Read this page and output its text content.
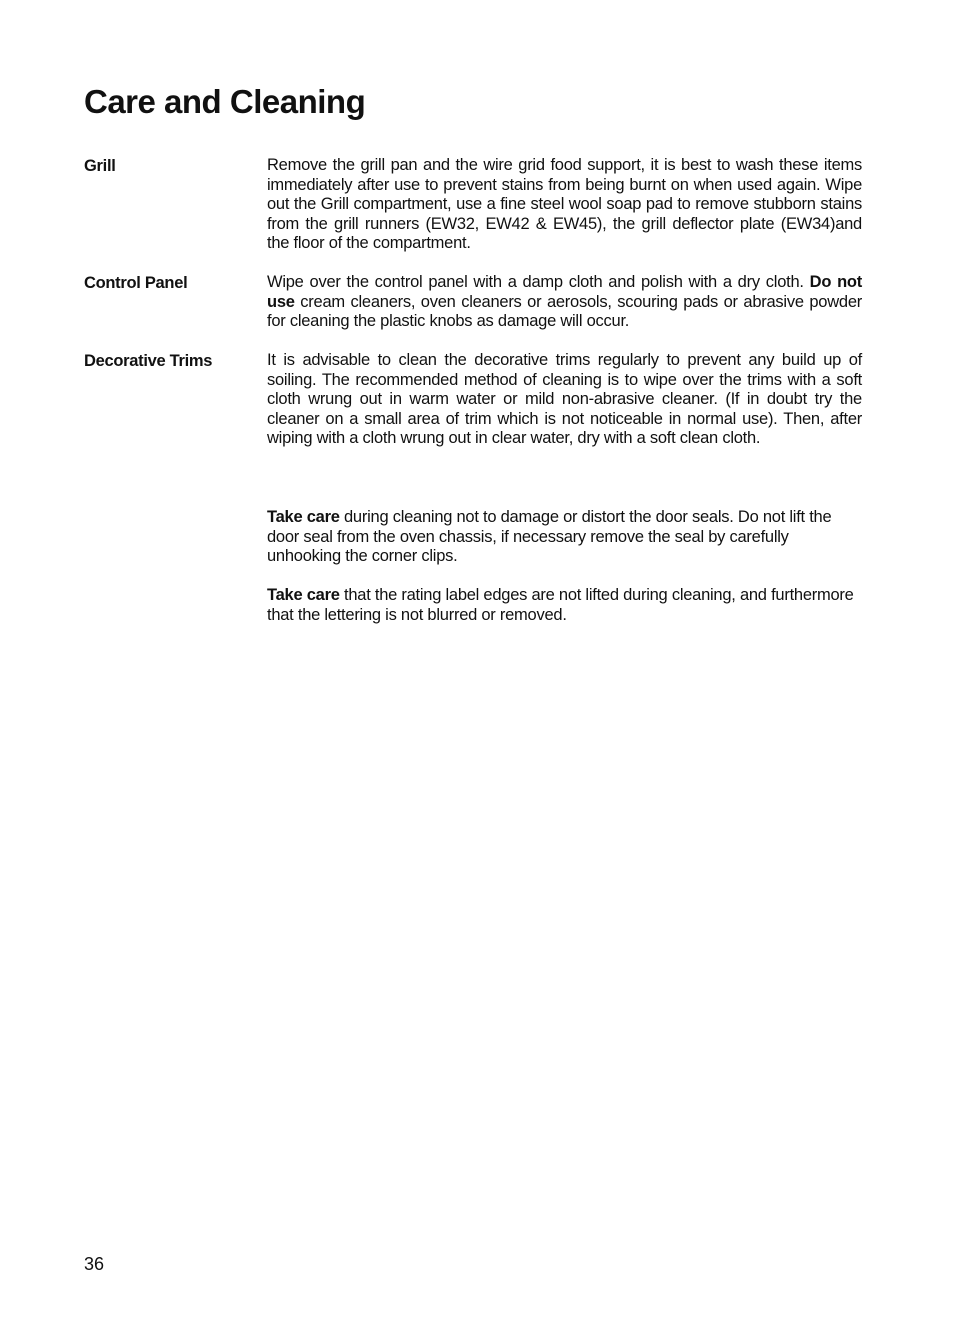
Care and Cleaning
Grill	Remove the grill pan and the wire grid food support, it is best to wash these items immediately after use to prevent stains from being burnt on when used again. Wipe out the Grill compartment, use a fine steel wool soap pad to remove stubborn stains from the grill runners (EW32, EW42 & EW45), the grill deflector plate (EW34)and the floor of the compartment.

Control Panel	Wipe over the control panel with a damp cloth and polish with a dry cloth. Do not use cream cleaners, oven cleaners or aerosols, scouring pads or abrasive powder for cleaning the plastic knobs as damage will occur.

Decorative Trims	It is advisable to clean the decorative trims regularly to prevent any build up of soiling. The recommended method of cleaning is to wipe over the trims with a soft cloth wrung out in warm water or mild non-abrasive cleaner. (If in doubt try the cleaner on a small area of trim which is not noticeable in normal use). Then, after wiping with a cloth wrung out in clear water, dry with a soft clean cloth.

Take care during cleaning not to damage or distort the door seals. Do not lift the door seal from the oven chassis, if necessary remove the seal by carefully unhooking the corner clips.

Take care that the rating label edges are not lifted during cleaning, and furthermore that the lettering is not blurred or removed.

36
